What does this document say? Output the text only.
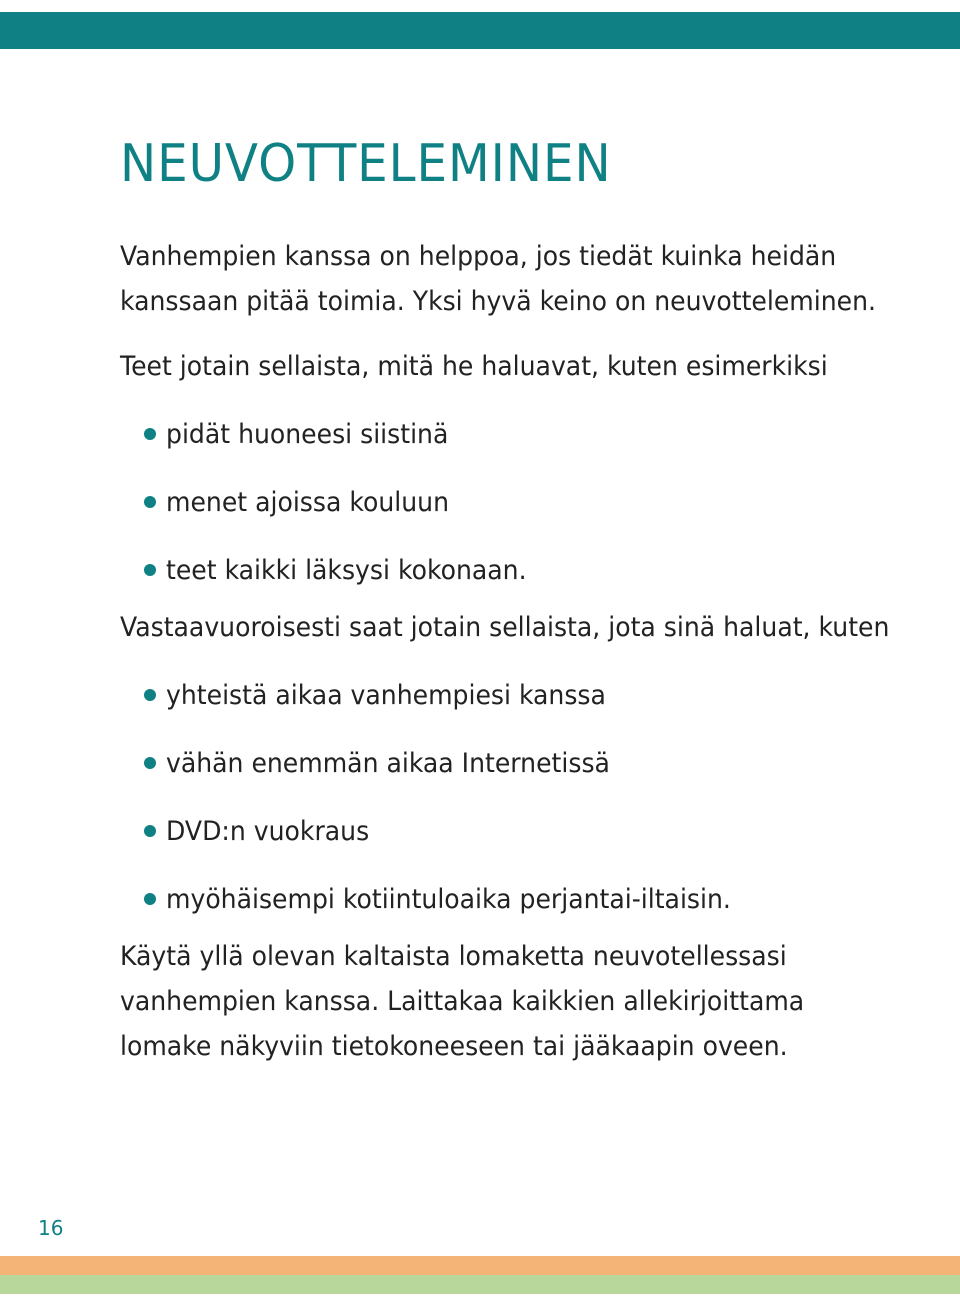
NEUVOTTELEMINEN

Vanhempien kanssa on helppoa, jos tiedät kuinka heidän

kanssaan pitää toimia. Yksi hyvä keino on neuvotteleminen.

Teet jotain sellaista, mitä he haluavat, kuten esimerkiksi

pidät huoneesi siistinä
menet ajoissa kouluun
teet kaikki läksysi kokonaan.

Vastaavuoroisesti saat jotain sellaista, jota sinä haluat, kuten

yhteistä aikaa vanhempiesi kanssa
vähän enemmän aikaa Internetissä
DVD:n vuokraus
myöhäisempi kotiintuloaika perjantai-iltaisin.

Käytä yllä olevan kaltaista lomaketta neuvotellessasi

vanhempien kanssa. Laittakaa kaikkien allekirjoittama

lomake näkyviin tietokoneeseen tai jääkaapin oveen.

16
